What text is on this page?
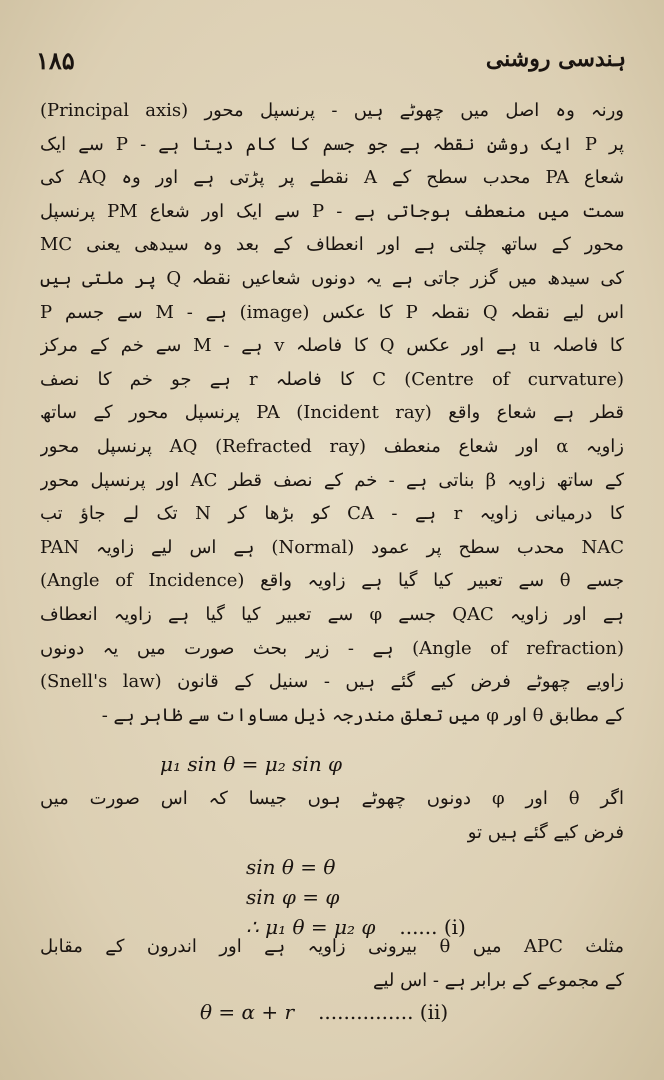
۱۸۵	ہندسی روشنی
ورنہ وہ اصل میں چھوٹے ہیں - پرنسپل محور (Principal axis)
پر P ایک روشن نقطہ ہے جو جسم کا کام دیتا ہے - P سے ایک
شعاع PA محدب سطح کے A نقطے پر پڑتی ہے اور وہ AQ کی
سمت میں منعطف ہوجاتی ہے - P سے ایک اور شعاع PM پرنسپل
محور کے ساتھ چلتی ہے اور انعطاف کے بعد وہ سیدھی یعنی MC
کی سیدھ میں گزر جاتی ہے یہ دونوں شعاعیں نقطہ Q پر ملتی ہیں
اس لیے نقطہ Q نقطہ P کا عکس (image) ہے - M سے جسم P
کا فاصلہ u ہے اور عکس Q کا فاصلہ v ہے - M سے خم کے مرکز
C (Centre of curvature) کا فاصلہ r ہے جو خم کا نصف
قطر ہے شعاع واقع (Incident ray) PA پرنسپل محور کے ساتھ
زاویہ α اور شعاع منعطف (Refracted ray) AQ پرنسپل محور
کے ساتھ زاویہ β بناتی ہے - خم کے نصف قطر AC اور پرنسپل محور
کا درمیانی زاویہ r ہے - CA کو بڑھا کر N تک لے جاؤ تب
NAC محدب سطح پر عمود (Normal) ہے اس لیے زاویہ PAN
جسے θ سے تعبیر کیا گیا ہے زاویہ واقع (Angle of Incidence)
ہے اور زاویہ QAC جسے φ سے تعبیر کیا گیا ہے زاویہ انعطاف
(Angle of refraction) ہے - زیر بحث صورت میں یہ دونوں
زاویے چھوٹے فرض کیے گئے ہیں - سنیل کے قانون (Snell's law)
کے مطابق θ اور φ میں تعلق مندرجہ ذیل مساوات سے ظاہر ہے -
μ₁ sin θ = μ₂ sin φ
اگر θ اور φ دونوں چھوٹے ہوں جیسا کہ اس صورت میں
فرض کیے گئے ہیں تو
sin θ = θ
sin φ = φ
∴ μ₁ θ = μ₂ φ ...... (i)
مثلث APC میں θ بیرونی زاویہ ہے اور اندرون کے مقابل
کے مجموعے کے برابر ہے - اس لیے
θ = α + r ............... (ii)
